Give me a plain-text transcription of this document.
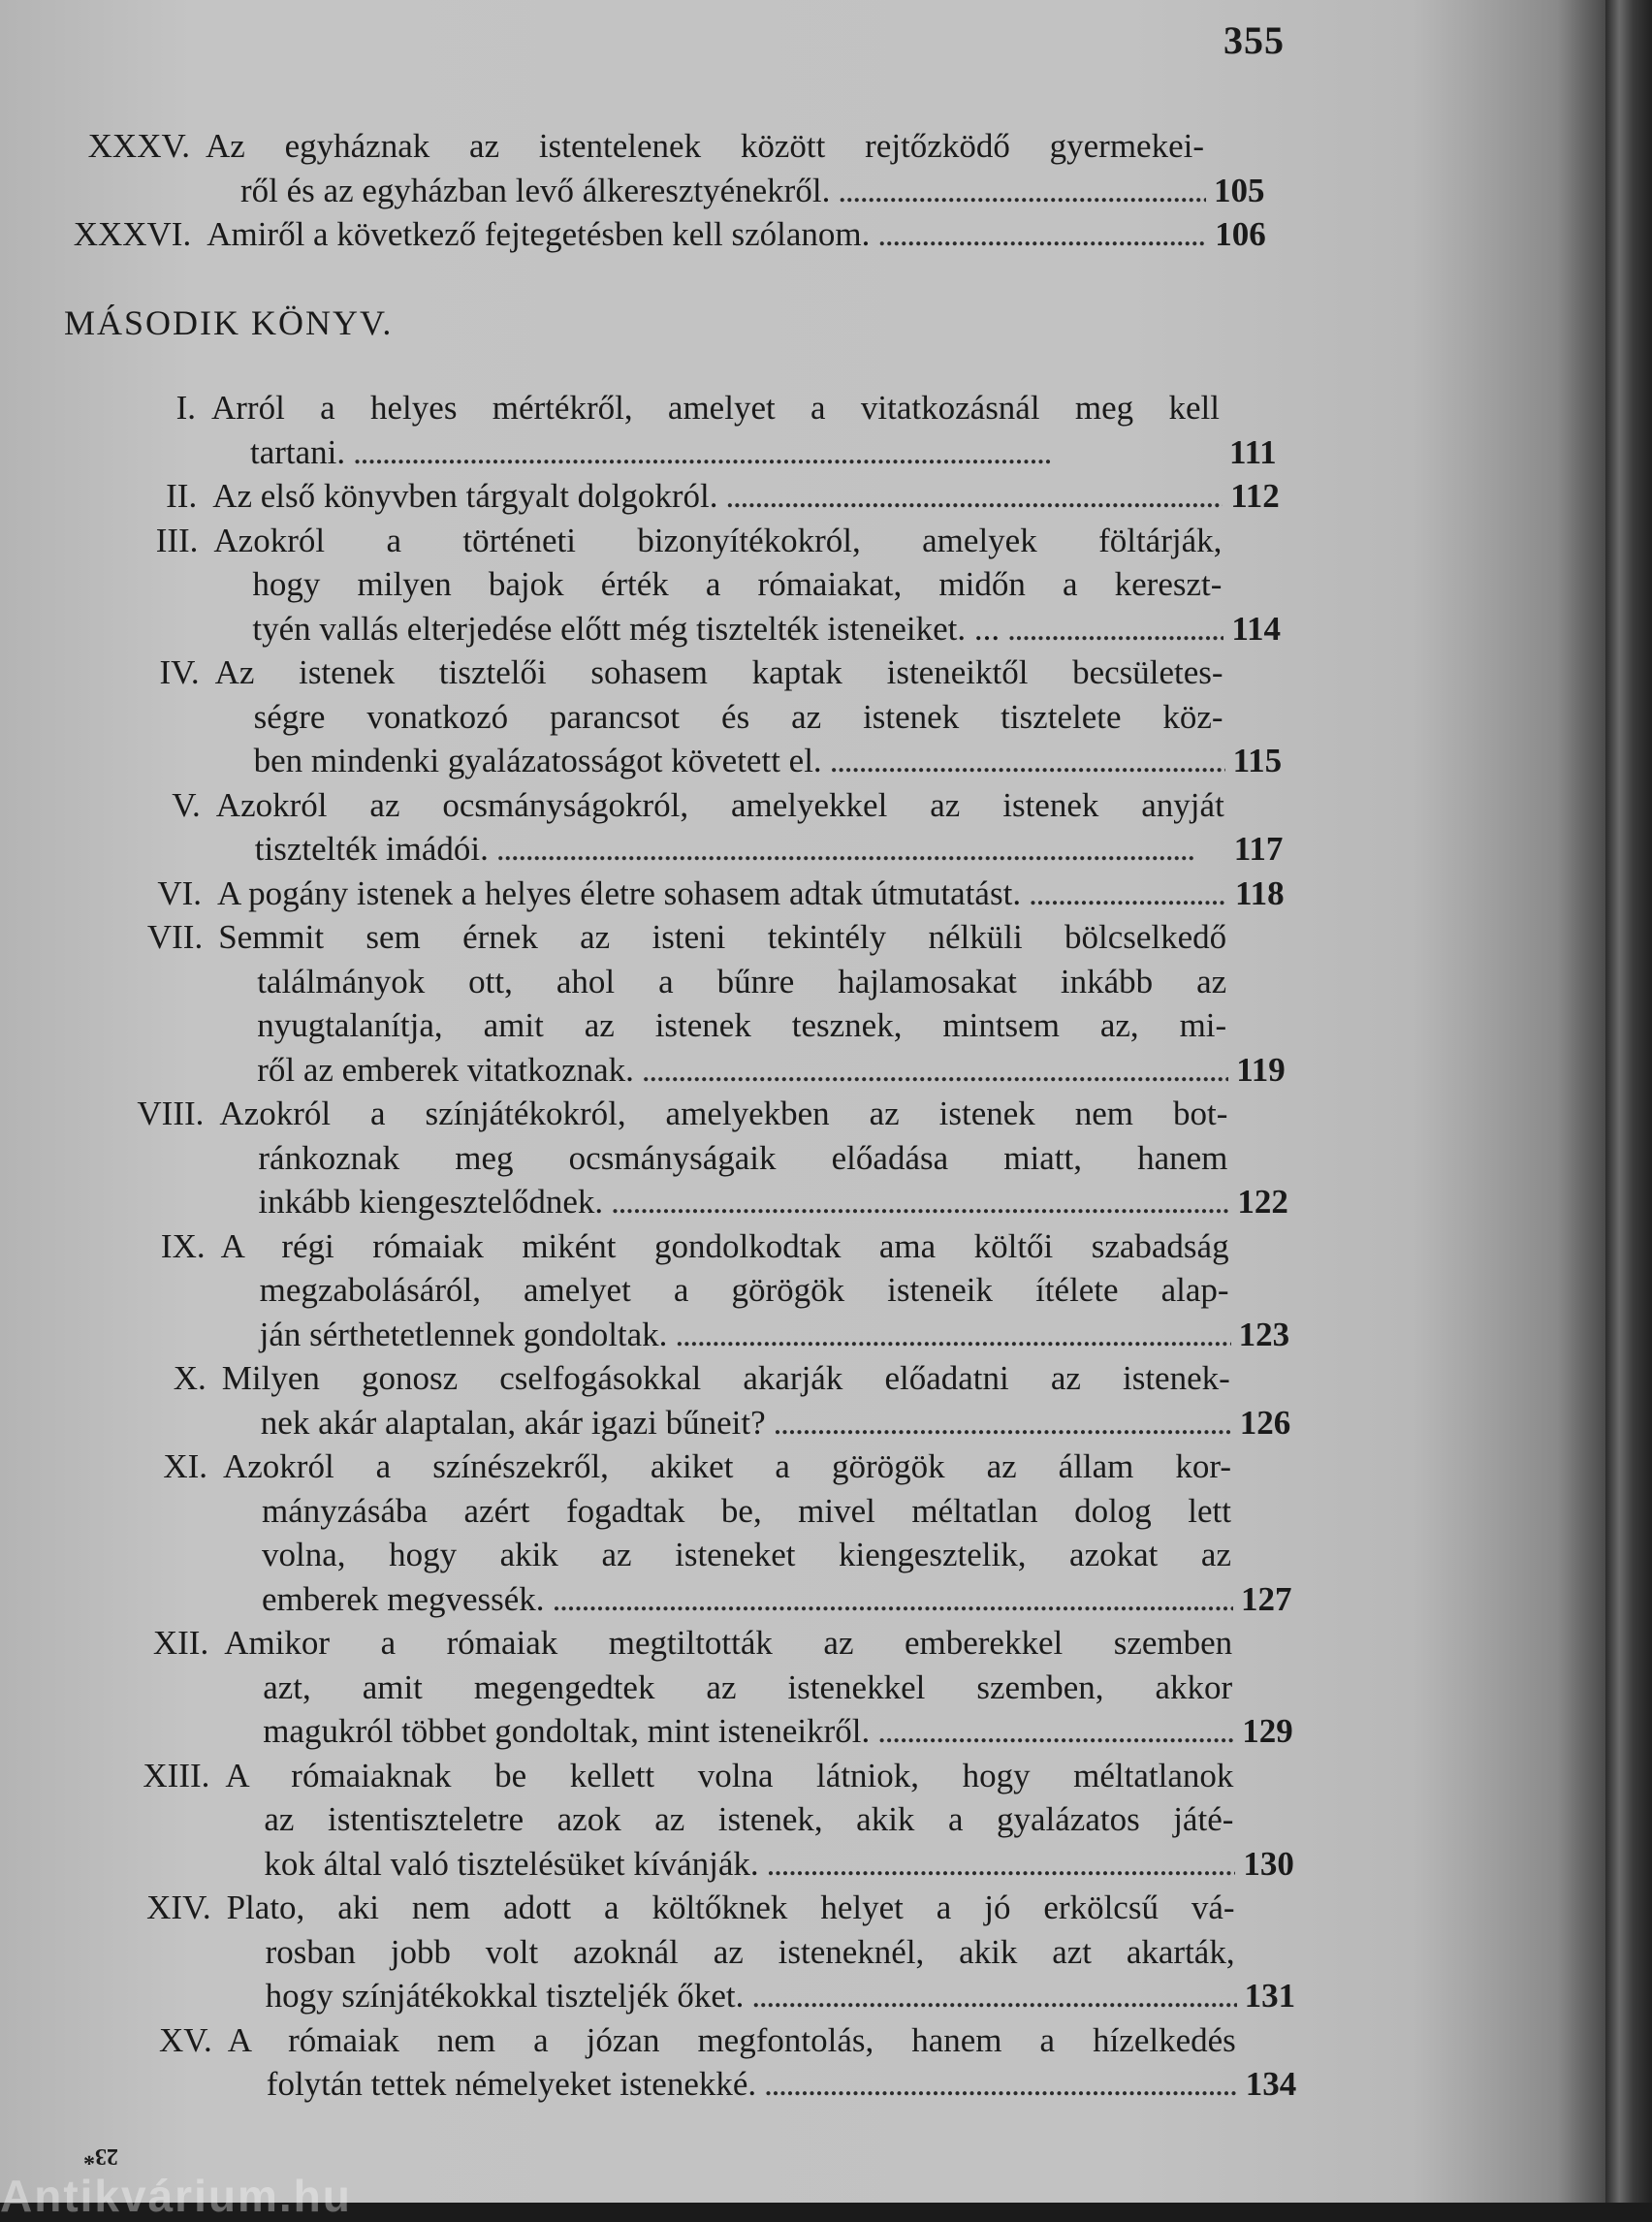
355
XXXV. Az egyháznak az istentelenek között rejtőzködő gyermekei-
ről és az egyházban levő álkeresztyénekről. . . .	105
XXXVI. Amiről a következő fejtegetésben kell szólanom. . . .	106
MÁSODIK KÖNYV.
I. Arról a helyes mértékről, amelyet a vitatkozásnál meg kell
tartani. . . .	111
II. Az első könyvben tárgyalt dolgokról. . . .	112
III. Azokról a történeti bizonyítékokról, amelyek föltárják,
hogy milyen bajok érték a rómaiakat, midőn a kereszt-
tyén vallás elterjedése előtt még tisztelték isteneiket. ... . . .	114
IV. Az istenek tisztelői sohasem kaptak isteneiktől becsületes-
ségre vonatkozó parancsot és az istenek tisztelete köz-
ben mindenki gyalázatosságot követett el. . . .	115
V. Azokról az ocsmányságokról, amelyekkel az istenek anyját
tisztelték imádói. . . .	117
VI. A pogány istenek a helyes életre sohasem adtak útmutatást. . . .	118
VII. Semmit sem érnek az isteni tekintély nélküli bölcselkedő
találmányok ott, ahol a bűnre hajlamosakat inkább az
nyugtalanítja, amit az istenek tesznek, mintsem az, mi-
ről az emberek vitatkoznak. . . .	119
VIII. Azokról a színjátékokról, amelyekben az istenek nem bot-
ránkoznak meg ocsmányságaik előadása miatt, hanem
inkább kiengesztelődnek. . . .	122
IX. A régi rómaiak miként gondolkodtak ama költői szabadság
megzabolásáról, amelyet a görögök isteneik ítélete alap-
ján sérthetetlennek gondoltak. . . .	123
X. Milyen gonosz cselfogásokkal akarják előadatni az istenek-
nek akár alaptalan, akár igazi bűneit? . . .	126
XI. Azokról a színészekről, akiket a görögök az állam kor-
mányzásába azért fogadtak be, mivel méltatlan dolog lett
volna, hogy akik az isteneket kiengesztelik, azokat az
emberek megvessék. . . .	127
XII. Amikor a rómaiak megtiltották az emberekkel szemben
azt, amit megengedtek az istenekkel szemben, akkor
magukról többet gondoltak, mint isteneikről. . . .	129
XIII. A rómaiaknak be kellett volna látniok, hogy méltatlanok
az istentiszteletre azok az istenek, akik a gyalázatos játé-
kok által való tisztelésüket kívánják. . . .	130
XIV. Plato, aki nem adott a költőknek helyet a jó erkölcsű vá-
rosban jobb volt azoknál az isteneknél, akik azt akarták,
hogy színjátékokkal tiszteljék őket. . . .	131
XV. A rómaiak nem a józan megfontolás, hanem a hízelkedés
folytán tettek némelyeket istenekké. . . .	134
23*
Antikvárium.hu
